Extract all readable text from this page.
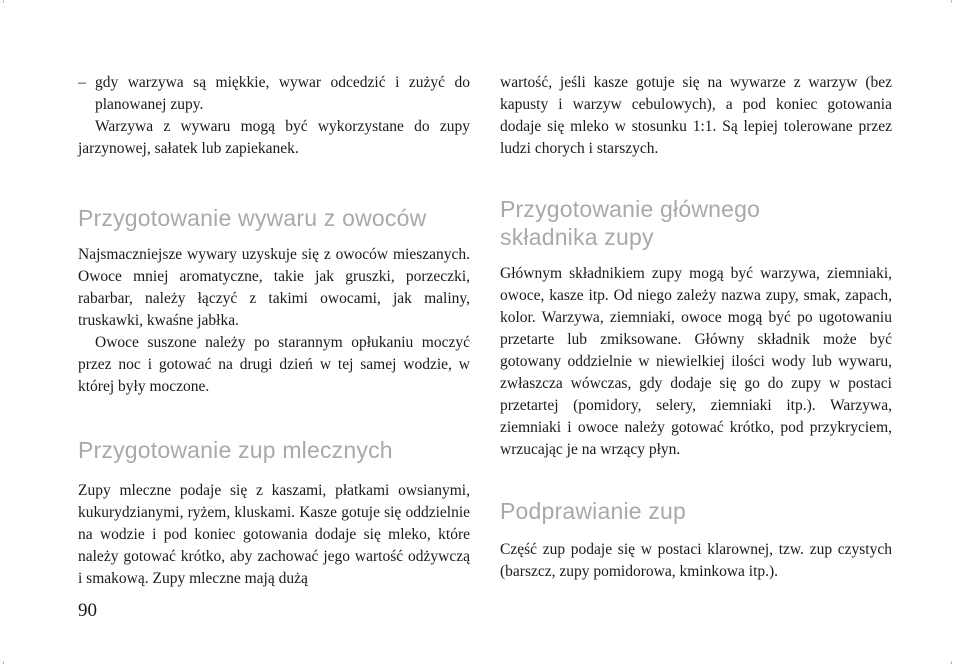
‘	’
‚	‚

– gdy warzywa są miękkie, wywar odcedzić i zużyć do planowanej zupy.

Warzywa z wywaru mogą być wykorzystane do zupy jarzynowej, sałatek lub zapiekanek.

Przygotowanie wywaru z owoców

Najsmaczniejsze wywary uzyskuje się z owoców mieszanych. Owoce mniej aromatyczne, takie jak gruszki, porzeczki, rabarbar, należy łączyć z takimi owocami, jak maliny, truskawki, kwaśne jabłka.

Owoce suszone należy po starannym opłukaniu moczyć przez noc i gotować na drugi dzień w tej samej wodzie, w której były moczone.

Przygotowanie zup mlecznych

Zupy mleczne podaje się z kaszami, płatkami owsianymi, kukurydzianymi, ryżem, kluskami. Kasze gotuje się oddzielnie na wodzie i pod koniec gotowania dodaje się mleko, które należy gotować krótko, aby zachować jego wartość odżywczą i smakową. Zupy mleczne mają dużą

wartość, jeśli kasze gotuje się na wywarze z warzyw (bez kapusty i warzyw cebulowych), a pod koniec gotowania dodaje się mleko w stosunku 1:1. Są lepiej tolerowane przez ludzi chorych i starszych.

Przygotowanie głównego składnika zupy

Głównym składnikiem zupy mogą być warzywa, ziemniaki, owoce, kasze itp. Od niego zależy nazwa zupy, smak, zapach, kolor. Warzywa, ziemniaki, owoce mogą być po ugotowaniu przetarte lub zmiksowane. Główny składnik może być gotowany oddzielnie w niewielkiej ilości wody lub wywaru, zwłaszcza wówczas, gdy dodaje się go do zupy w postaci przetartej (pomidory, selery, ziemniaki itp.). Warzywa, ziemniaki i owoce należy gotować krótko, pod przykryciem, wrzucając je na wrzący płyn.

Podprawianie zup

Część zup podaje się w postaci klarownej, tzw. zup czystych (barszcz, zupy pomidorowa, kminkowa itp.).

90
